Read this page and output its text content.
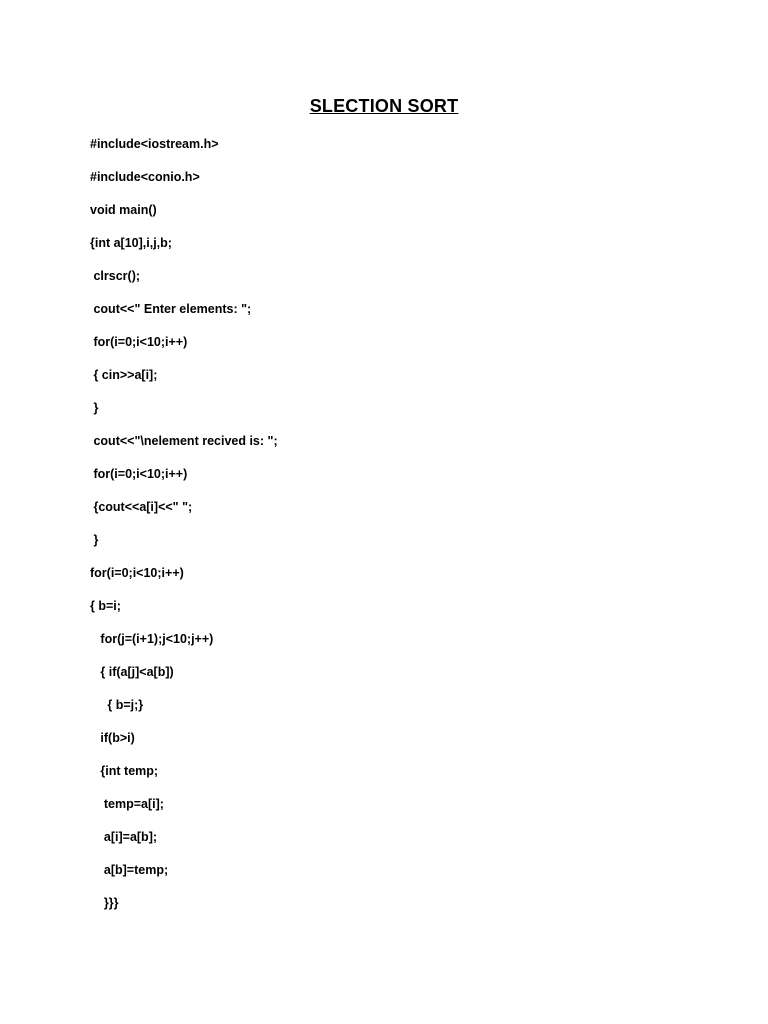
SLECTION SORT
#include<iostream.h>
#include<conio.h>
void main()
{int a[10],i,j,b;
clrscr();
cout<<" Enter elements: ";
for(i=0;i<10;i++)
{ cin>>a[i];
}
cout<<"\nelement recived is: ";
for(i=0;i<10;i++)
{cout<<a[i]<<" ";
}
for(i=0;i<10;i++)
{ b=i;
for(j=(i+1);j<10;j++)
{ if(a[j]<a[b])
{ b=j;}
if(b>i)
{int temp;
temp=a[i];
a[i]=a[b];
a[b]=temp;
}}}
